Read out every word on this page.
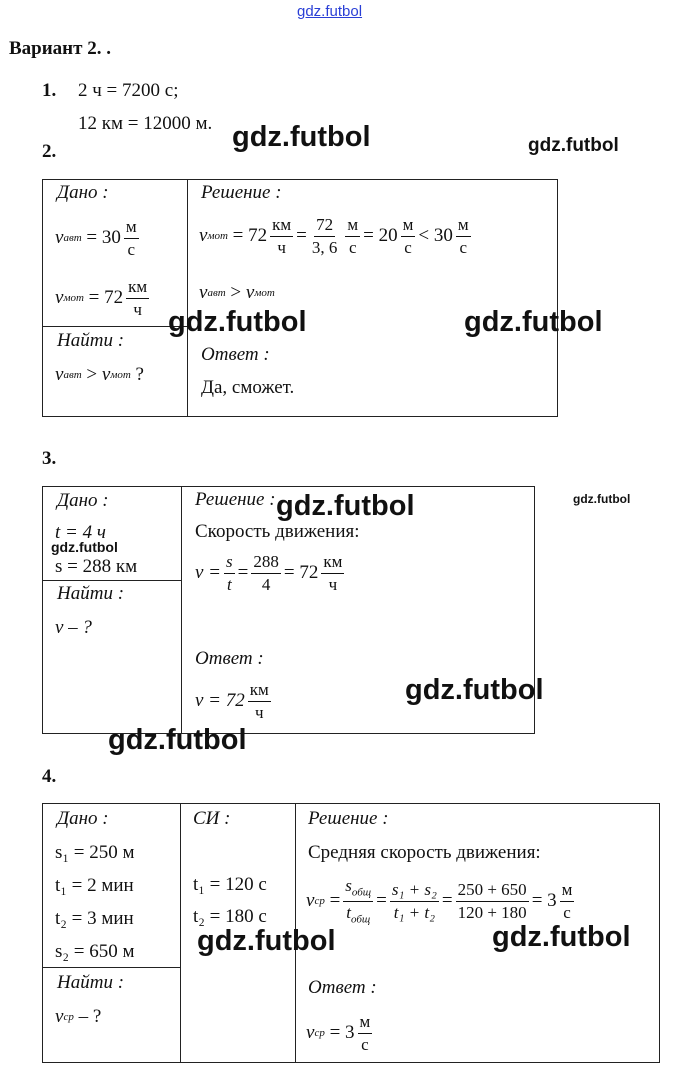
gdz.futbol
Вариант 2. .
1. 2 ч = 7200 с;
12 км = 12000 м.
2.
Дано :
v авт
= $30 \frac{м}{с}$
v мот
= $72 \frac{км}{ч}$
Найти :
v авт > v мот
?
Решение :
v мот
= $72 \frac{км}{ч} = \frac{72}{3, 6} \frac{м}{с} = 20 \frac{м}{с} < 30 \frac{м}{с}$
v авт
>
v мот
Ответ :
Да, сможет.
3.
Дано :
t = 4 ч
s = 288 км
Найти :
v – ?
Решение :
Скорость движения:
$v = \frac{s}{t} = \frac{288}{4} = 72 \frac{км}{ч}$
Ответ :
$v = 72 \frac{км}{ч}$
4.
Дано :
s₁ = 250 м
t₁ = 2 мин
t₂ = 3 мин
s₂ = 650 м
Найти :
v ср
– ?
СИ :
t₁ = 120 с
t₂ = 180 с
Решение :
Средняя скорость движения:
v ср
= $\frac{s_{общ}}{t_{общ}} = \frac{\text{s₁ + s₂}}{\text{t₁ + t₂}} = \frac{250 + 650}{120 + 180} = 3 \frac{м}{с}$
Ответ :
v ср
= $3 \frac{м}{с}$
gdz.futbol	gdz.futbol
gdz.futbol	gdz.futbol
gdz.futbol	gdz.futbol
gdz.futbol
gdz.futbol
gdz.futbol
gdz.futbol	gdz.futbol
